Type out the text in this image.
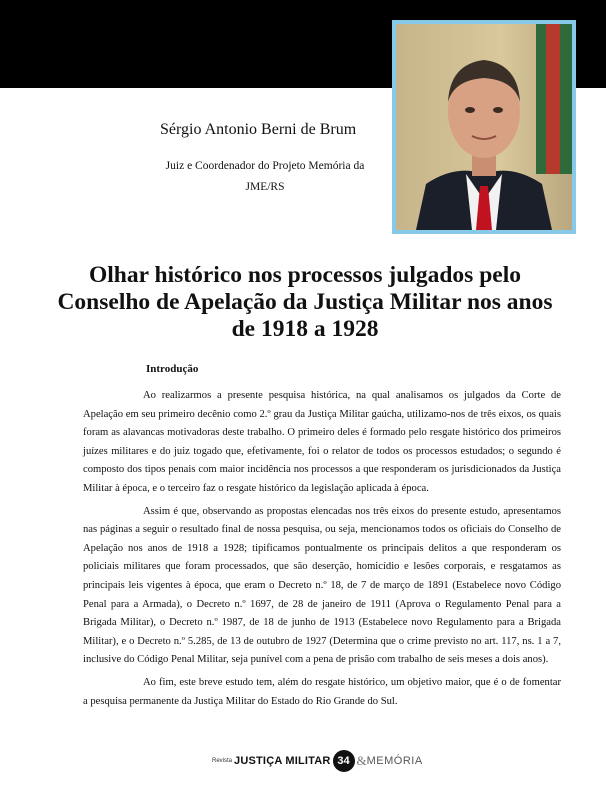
Sérgio Antonio Berni de Brum
Juiz e Coordenador do Projeto Memória da
JME/RS
Olhar histórico nos processos julgados pelo
Conselho de Apelação da Justiça Militar nos anos
de 1918 a 1928
Introdução

Ao realizarmos a presente pesquisa histórica, na qual analisamos os julgados da Corte de Apelação em seu primeiro decênio como 2.º grau da Justiça Militar gaúcha, utilizamo-nos de três eixos, os quais foram as alavancas motivadoras deste trabalho. O primeiro deles é formado pelo resgate histórico dos primeiros juízes militares e do juiz togado que, efetivamente, foi o relator de todos os processos estudados; o segundo é composto dos tipos penais com maior incidência nos processos a que responderam os jurisdicionados da Justiça Militar à época, e o terceiro faz o resgate histórico da legislação aplicada à época.

Assim é que, observando as propostas elencadas nos três eixos do presente estudo, apresentamos nas páginas a seguir o resultado final de nossa pesquisa, ou seja, mencionamos todos os oficiais do Conselho de Apelação nos anos de 1918 a 1928; tipificamos pontualmente os principais delitos a que responderam os policiais militares que foram processados, que são deserção, homicídio e lesões corporais, e resgatamos as principais leis vigentes à época, que eram o Decreto n.º 18, de 7 de março de 1891 (Estabelece novo Código Penal para a Armada), o Decreto n.º 1697, de 28 de janeiro de 1911 (Aprova o Regulamento Penal para a Brigada Militar), o Decreto n.º 1987, de 18 de junho de 1913 (Estabelece novo Regulamento para a Brigada Militar), e o Decreto n.º 5.285, de 13 de outubro de 1927 (Determina que o crime previsto no art. 117, ns. 1 a 7, inclusive do Código Penal Militar, seja punível com a pena de prisão com trabalho de seis meses a dois anos).

Ao fim, este breve estudo tem, além do resgate histórico, um objetivo maior, que é o de fomentar a pesquisa permanente da Justiça Militar do Estado do Rio Grande do Sul.

Revista JUSTIÇA MILITAR 34 & MEMÓRIA
